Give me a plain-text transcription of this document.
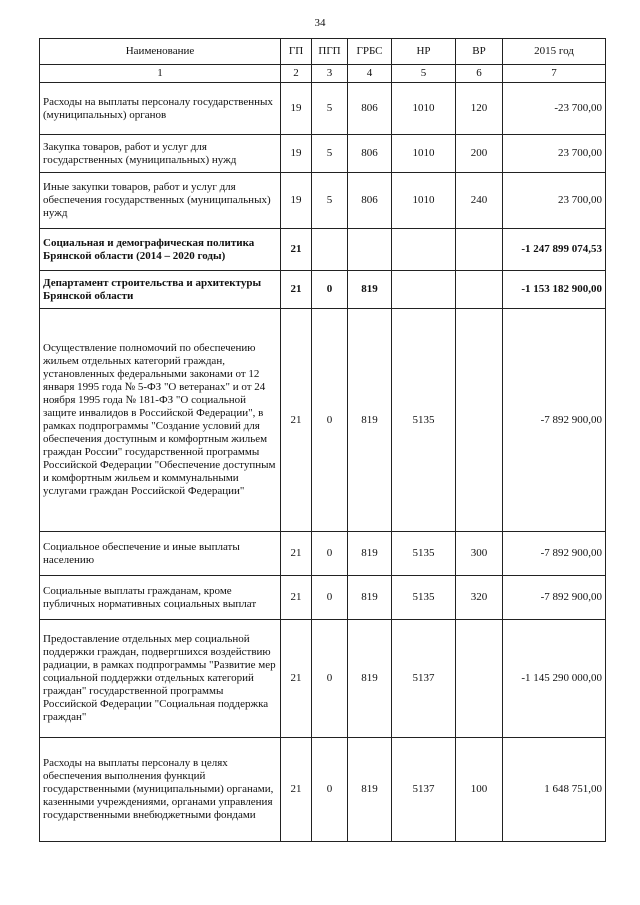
34
Наименование	ГП	ПГП	ГРБС	НР	ВР	2015 год
1	2	3	4	5	6	7
Расходы на выплаты персоналу государственных (муниципальных) органов	19	5	806	1010	120	-23 700,00
Закупка товаров, работ и услуг для государственных (муниципальных) нужд	19	5	806	1010	200	23 700,00
Иные закупки товаров, работ и услуг для обеспечения государственных (муниципальных) нужд	19	5	806	1010	240	23 700,00
Социальная и демографическая политика Брянской области (2014 – 2020 годы)	21					-1 247 899 074,53
Департамент строительства и архитектуры Брянской области	21	0	819			-1 153 182 900,00
Осуществление полномочий по обеспечению жильем отдельных категорий граждан, установленных федеральными законами от 12 января 1995 года № 5-ФЗ "О ветеранах" и от 24 ноября 1995 года № 181-ФЗ "О социальной защите инвалидов в Российской Федерации", в рамках подпрограммы "Создание условий для обеспечения доступным и комфортным жильем граждан России" государственной программы Российской Федерации "Обеспечение доступным и комфортным жильем и коммунальными услугами граждан Российской Федерации"	21	0	819	5135		-7 892 900,00
Социальное обеспечение и иные выплаты населению	21	0	819	5135	300	-7 892 900,00
Социальные выплаты гражданам, кроме публичных нормативных социальных выплат	21	0	819	5135	320	-7 892 900,00
Предоставление отдельных мер социальной поддержки граждан, подвергшихся воздействию радиации, в рамках подпрограммы "Развитие мер социальной поддержки отдельных категорий граждан" государственной программы Российской Федерации "Социальная поддержка граждан"	21	0	819	5137		-1 145 290 000,00
Расходы на выплаты персоналу в целях обеспечения выполнения функций государственными (муниципальными) органами, казенными учреждениями, органами управления государственными внебюджетными фондами	21	0	819	5137	100	1 648 751,00
